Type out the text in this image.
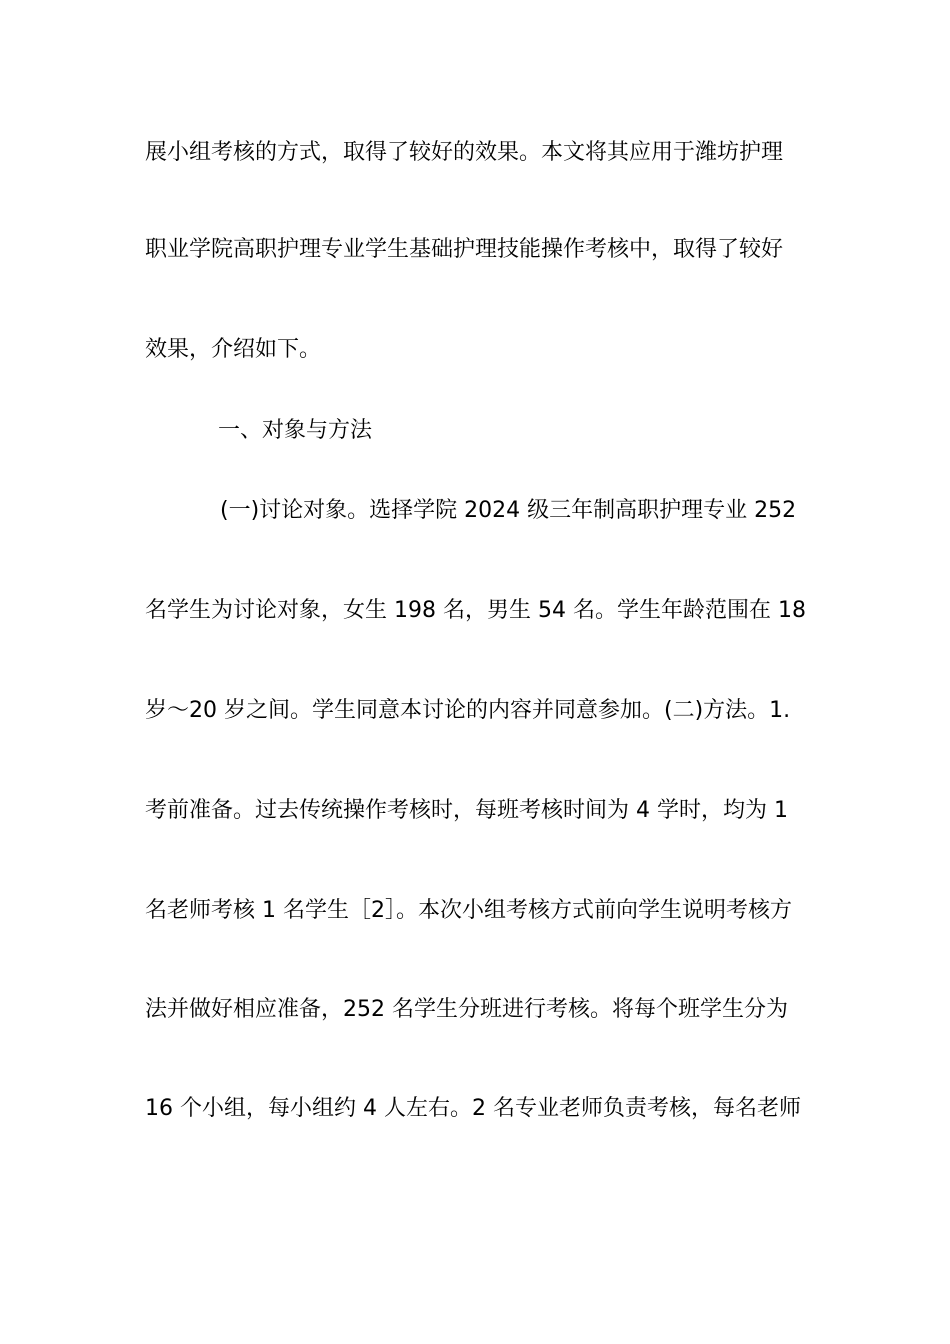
展小组考核的方式，取得了较好的效果。本文将其应用于潍坊护理
职业学院高职护理专业学生基础护理技能操作考核中，取得了较好
效果，介绍如下。
一、对象与方法
(一)讨论对象。选择学院 2024 级三年制高职护理专业 252
名学生为讨论对象，女生 198 名，男生 54 名。学生年龄范围在 18
岁～20 岁之间。学生同意本讨论的内容并同意参加。(二)方法。1.
考前准备。过去传统操作考核时，每班考核时间为 4 学时，均为 1
名老师考核 1 名学生［2］。本次小组考核方式前向学生说明考核方
法并做好相应准备，252 名学生分班进行考核。将每个班学生分为
16 个小组，每小组约 4 人左右。2 名专业老师负责考核，每名老师
